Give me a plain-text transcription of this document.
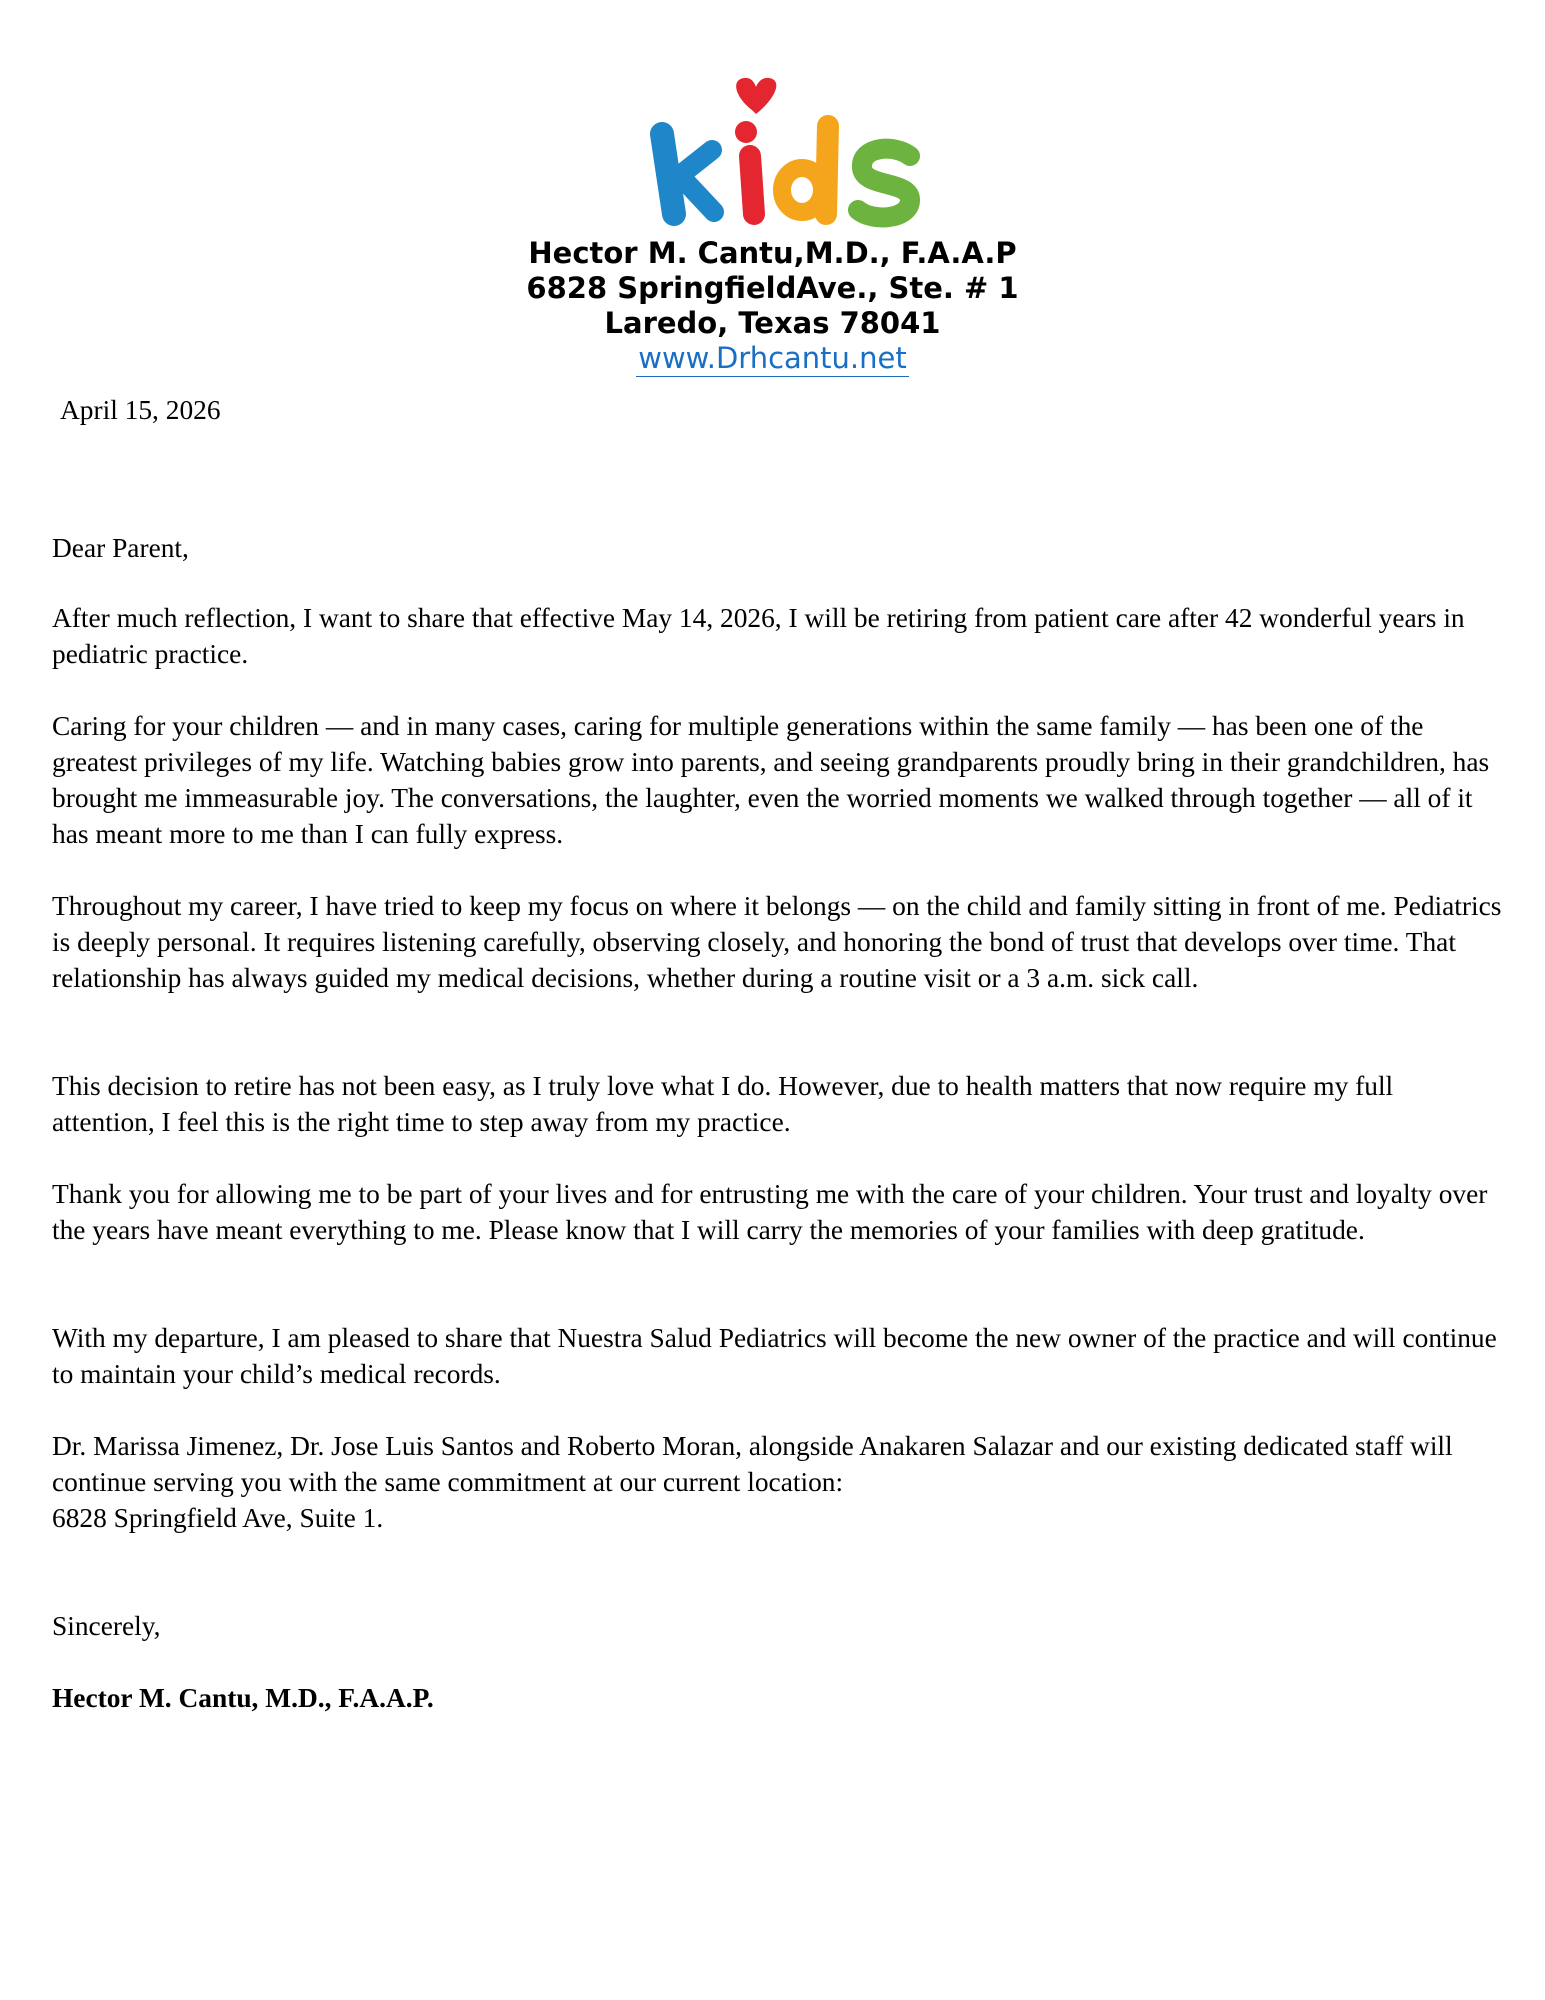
Hector M. Cantu,M.D., F.A.A.P
6828 SpringfieldAve., Ste. # 1
Laredo, Texas 78041
www.Drhcantu.net

April 15, 2026

Dear Parent,

After much reflection, I want to share that effective May 14, 2026, I will be retiring from patient care after 42 wonderful years in pediatric practice.

Caring for your children — and in many cases, caring for multiple generations within the same family — has been one of the greatest privileges of my life. Watching babies grow into parents, and seeing grandparents proudly bring in their grandchildren, has brought me immeasurable joy. The conversations, the laughter, even the worried moments we walked through together — all of it has meant more to me than I can fully express.

Throughout my career, I have tried to keep my focus on where it belongs — on the child and family sitting in front of me. Pediatrics is deeply personal. It requires listening carefully, observing closely, and honoring the bond of trust that develops over time. That relationship has always guided my medical decisions, whether during a routine visit or a 3 a.m. sick call.

This decision to retire has not been easy, as I truly love what I do. However, due to health matters that now require my full attention, I feel this is the right time to step away from my practice.

Thank you for allowing me to be part of your lives and for entrusting me with the care of your children. Your trust and loyalty over the years have meant everything to me. Please know that I will carry the memories of your families with deep gratitude.

With my departure, I am pleased to share that Nuestra Salud Pediatrics will become the new owner of the practice and will continue to maintain your child’s medical records.

Dr. Marissa Jimenez, Dr. Jose Luis Santos and Roberto Moran, alongside Anakaren Salazar and our existing dedicated staff will continue serving you with the same commitment at our current location:

6828 Springfield Ave, Suite 1.

Sincerely,

Hector M. Cantu, M.D., F.A.A.P.
